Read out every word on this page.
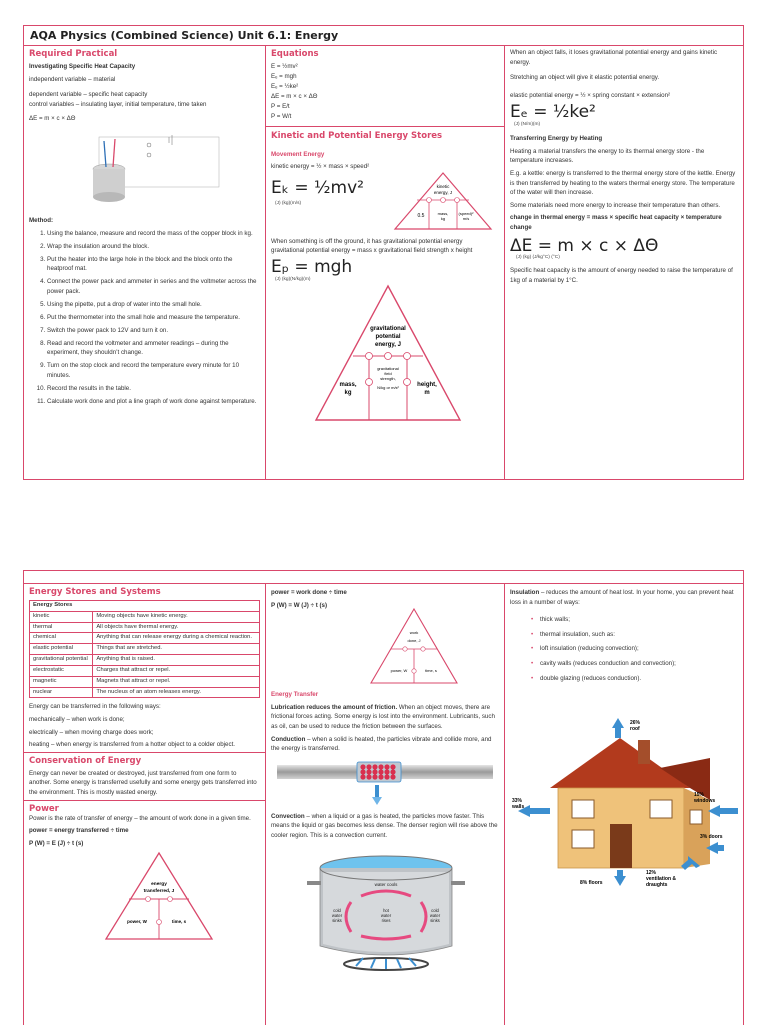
AQA Physics (Combined Science) Unit 6.1: Energy
Required Practical

Investigating Specific Heat Capacity

independent variable – material

dependent variable – specific heat capacity

control variables – insulating layer, initial temperature, time taken

ΔE = m × c × ΔΘ

Method:

1. Using the balance, measure and record the mass of the copper block in kg.
2. Wrap the insulation around the block.
3. Put the heater into the large hole in the block and the block onto the heatproof mat.
4. Connect the power pack and ammeter in series and the voltmeter across the power pack.
5. Using the pipette, put a drop of water into the small hole.
6. Put the thermometer into the small hole and measure the temperature.
7. Switch the power pack to 12V and turn it on.
8. Read and record the voltmeter and ammeter readings – during the experiment, they shouldn’t change.
9. Turn on the stop clock and record the temperature every minute for 10 minutes.
10. Record the results in the table.
11. Calculate work done and plot a line graph of work done against temperature.
Equations
E = ½mv²
Eₑ = mgh
Eₑ = ½ke²
ΔE = m × c × ΔΘ
P = E/t
P = W/t
Kinetic and Potential Energy Stores

Movement Energy

kinetic energy = ½ × mass × speed²

Eₖ = ½mv²
(J) (kg)(m/s)
kinetic
energy, J
0.5	mass,
kg
(speed)²
m/s

When something is off the ground, it has gravitational potential energy

gravitational potential energy = mass x gravitational field strength x height

Eₚ = mgh
(J) (kg)(N/kg)(m)
gravitational
potential
energy, J
mass,
kg
gravitational
field
strength,
N/kg or m/s²	height,
m

When an object falls, it loses gravitational potential energy and gains kinetic energy.

Stretching an object will give it elastic potential energy.

elastic potential energy = ½ × spring constant × extension²

Eₑ = ½ke²
(J) (N/m)(m)

Transferring Energy by Heating

Heating a material transfers the energy to its thermal energy store - the temperature increases.

E.g. a kettle: energy is transferred to the thermal energy store of the kettle. Energy is then transferred by heating to the waters thermal energy store. The temperature of the water will then increase.

Some materials need more energy to increase their temperature than others.

change in thermal energy = mass × specific heat capacity × temperature change

ΔE = m × c × ΔΘ
(J) (kg) (J/kg°C) (°C)

Specific heat capacity is the amount of energy needed to raise the temperature of 1kg of a material by 1°C.

Energy Stores and Systems
Energy Stores	
kinetic	Moving objects have kinetic energy.
thermal	All objects have thermal energy.
chemical	Anything that can release energy during a chemical reaction.
elastic potential	Things that are stretched.
gravitational potential	Anything that is raised.
electrostatic	Charges that attract or repel.
magnetic	Magnets that attract or repel.
nuclear	The nucleus of an atom releases energy.

Energy can be transferred in the following ways:

mechanically – when work is done;

electrically – when moving charge does work;

heating – when energy is transferred from a hotter object to a colder object.

Conservation of Energy

Energy can never be created or destroyed, just transferred from one form to another. Some energy is transferred usefully and some energy gets transferred into the environment. This is mostly wasted energy.

Power

Power is the rate of transfer of energy – the amount of work done in a given time.

power = energy transferred ÷ time

P (W) = E (J) ÷ t (s)

energy
transferred, J
power, W	time, s

power = work done ÷ time

P (W) = W (J) ÷ t (s)

work
done, J
power, W	time, s

Energy Transfer

Lubrication reduces the amount of friction. When an object moves, there are frictional forces acting. Some energy is lost into the environment. Lubricants, such as oil, can be used to reduce the friction between the surfaces.

Conduction – when a solid is heated, the particles vibrate and collide more, and the energy is transferred.

Convection – when a liquid or a gas is heated, the particles move faster. This means the liquid or gas becomes less dense. The denser region will rise above the cooler region. This is a convection current.

water cools
cold
water
sinks
hot
water
rises
cold
water
sinks

Insulation – reduces the amount of heat lost. In your home, you can prevent heat loss in a number of ways:

• thick walls;
• thermal insulation, such as:
• loft insulation (reducing convection);
• cavity walls (reduces conduction and convection);
• double glazing (reduces conduction).
26%
roof
33%
walls
15%
windows
3% doors
12%
ventilation &
draughts
8% floors
